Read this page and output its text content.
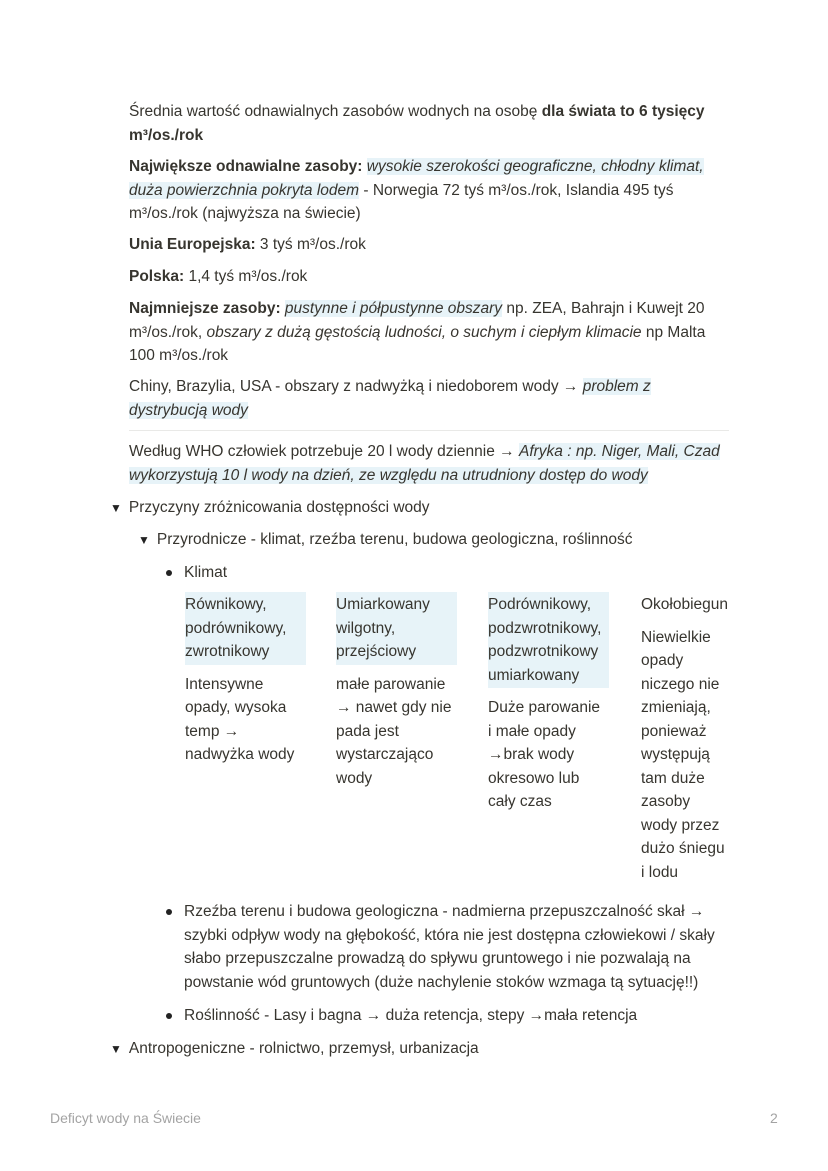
Średnia wartość odnawialnych zasobów wodnych na osobę dla świata to 6 tysięcy m³/os./rok

Największe odnawialne zasoby: wysokie szerokości geograficzne, chłodny klimat, duża powierzchnia pokryta lodem - Norwegia 72 tyś m³/os./rok, Islandia 495 tyś m³/os./rok (najwyższa na świecie)

Unia Europejska: 3 tyś m³/os./rok

Polska: 1,4 tyś m³/os./rok

Najmniejsze zasoby: pustynne i półpustynne obszary np. ZEA, Bahrajn i Kuwejt 20 m³/os./rok, obszary z dużą gęstością ludności, o suchym i ciepłym klimacie np Malta 100 m³/os./rok

Chiny, Brazylia, USA - obszary z nadwyżką i niedoborem wody → problem z dystrybucją wody

Według WHO człowiek potrzebuje 20 l wody dziennie → Afryka : np. Niger, Mali, Czad wykorzystują 10 l wody na dzień, ze względu na utrudniony dostęp do wody

▼ Przyczyny zróżnicowania dostępności wody
▼ Przyrodnicze - klimat, rzeźba terenu, budowa geologiczna, roślinność
Klimat
Równikowy,
podrównikowy,
zwrotnikowy
Intensywne
opady, wysoka
temp →
nadwyżka wody
Umiarkowany
wilgotny,
przejściowy
małe parowanie
→ nawet gdy nie
pada jest
wystarczająco
wody
Podrównikowy,
podzwrotnikowy,
podzwrotnikowy
umiarkowany
Duże parowanie
i małe opady
→brak wody
okresowo lub
cały czas
Okołobiegun
Niewielkie
opady
niczego nie
zmieniają,
ponieważ
występują
tam duże
zasoby
wody przez
dużo śniegu
i lodu
Rzeźba terenu i budowa geologiczna - nadmierna przepuszczalność skał → szybki odpływ wody na głębokość, która nie jest dostępna człowiekowi / skały słabo przepuszczalne prowadzą do spływu gruntowego i nie pozwalają na powstanie wód gruntowych (duże nachylenie stoków wzmaga tą sytuację!!)
Roślinność - Lasy i bagna → duża retencja, stepy →mała retencja
▼ Antropogeniczne - rolnictwo, przemysł, urbanizacja
Deficyt wody na Świecie	2
